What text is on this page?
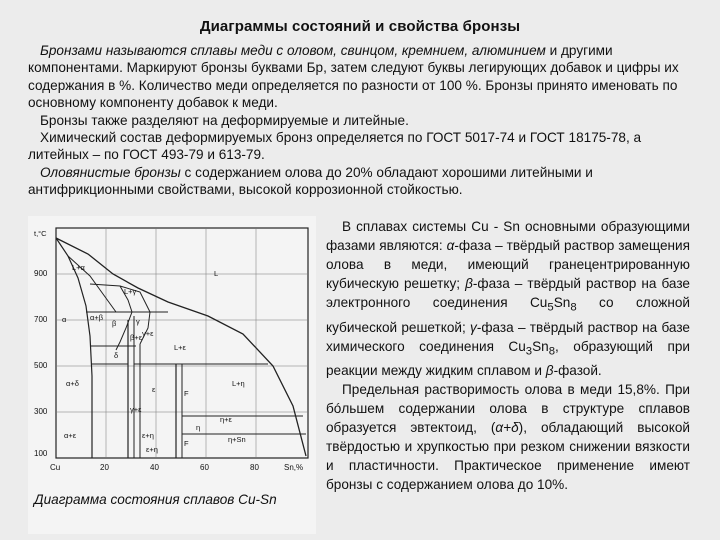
Диаграммы состояний и свойства бронзы

Бронзами называются сплавы меди с оловом, свинцом, кремнием, алюминием и другими компонентами. Маркируют бронзы буквами Бр, затем следуют буквы легирующих добавок и цифры их содержания в %. Количество меди определяется по разности от 100 %. Бронзы принято именовать по основному компоненту добавок к меди.

Бронзы также разделяют на деформируемые и литейные.

Химический состав деформируемых бронз определяется по ГОСТ 5017-74 и ГОСТ 18175-78, а литейных – по ГОСТ 493-79 и 613-79.

Оловянистые бронзы с содержанием олова до 20% обладают хорошими литейными и антифрикционными свойствами, высокой коррозионной стойкостью.

t,°C
900
700
500
300
100
Cu	20	40	60	80	Sn,%
L
L+α
L+γ
α	α+β
β	γ
γ+ε
L+ε
α+δ
δ
ε
L+η
η+ε
η
η+Sn
α+ε	ε+η
β+ε
γ+ε
F
F
ε+η
Диаграмма состояния сплавов Cu-Sn

В сплавах системы Cu - Sn основными образующими фазами являются: α-фаза – твёрдый раствор замещения олова в меди, имеющий гранецентрированную кубическую решетку; β-фаза – твёрдый раствор на базе электронного соединения $Cu_5Sn_8$ со сложной кубической решеткой; γ-фаза – твёрдый раствор на базе химического соединения $Cu_3Sn_8$, образующий при реакции между жидким сплавом и β-фазой.

Предельная растворимость олова в меди 15,8%. При бóльшем содержании олова в структуре сплавов образуется эвтектоид, (α+δ), обладающий высокой твёрдостью и хрупкостью при резком снижении вязкости и пластичности. Практическое применение имеют бронзы с содержанием олова до 10%.
